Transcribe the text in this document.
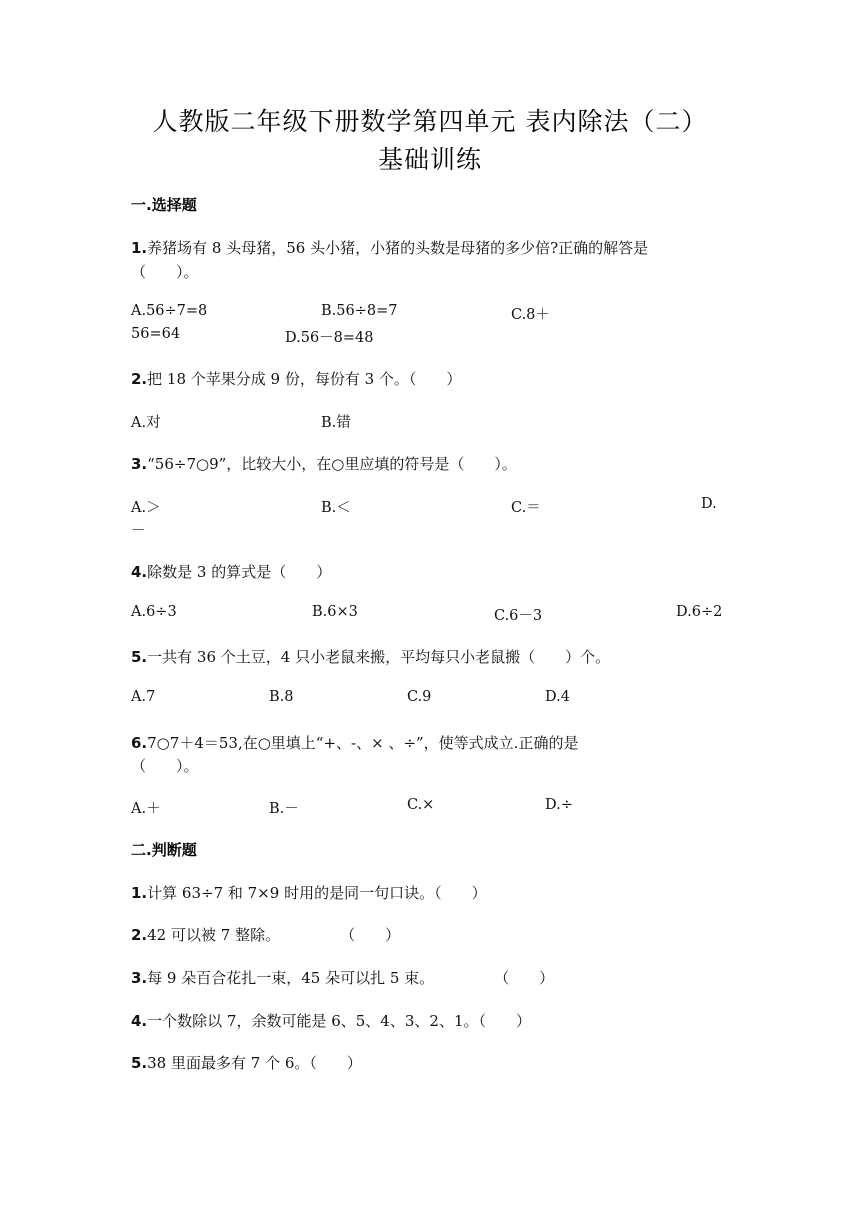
人教版二年级下册数学第四单元 表内除法（二）
基础训练
一.选择题
1.养猪场有 8 头母猪，56 头小猪，小猪的头数是母猪的多少倍?正确的解答是
（　　）。
A.56÷7=8	B.56÷8=7	C.8＋
56=64	D.56－8=48
2.把 18 个苹果分成 9 份，每份有 3 个。（　　）
A.对	B.错
3.“56÷7○9”，比较大小，在○里应填的符号是（　　）。
A.＞	B.＜	C.＝	D.
－
4.除数是 3 的算式是（　　）
A.6÷3	B.6×3	C.6－3	D.6÷2
5.一共有 36 个土豆，4 只小老鼠来搬，平均每只小老鼠搬（　　）个。
A.7	B.8	C.9	D.4
6.7○7＋4＝53,在○里填上“+、-、× 、÷”，使等式成立.正确的是
（　　）。
A.＋	B.－	C.×	D.÷
二.判断题
1.计算 63÷7 和 7×9 时用的是同一句口诀。（　　）
2.42 可以被 7 整除。　　　　　（　　）
3.每 9 朵百合花扎一束，45 朵可以扎 5 束。　　　　　（　　）
4.一个数除以 7，余数可能是 6、5、4、3、2、1。（　　）
5.38 里面最多有 7 个 6。（　　）
